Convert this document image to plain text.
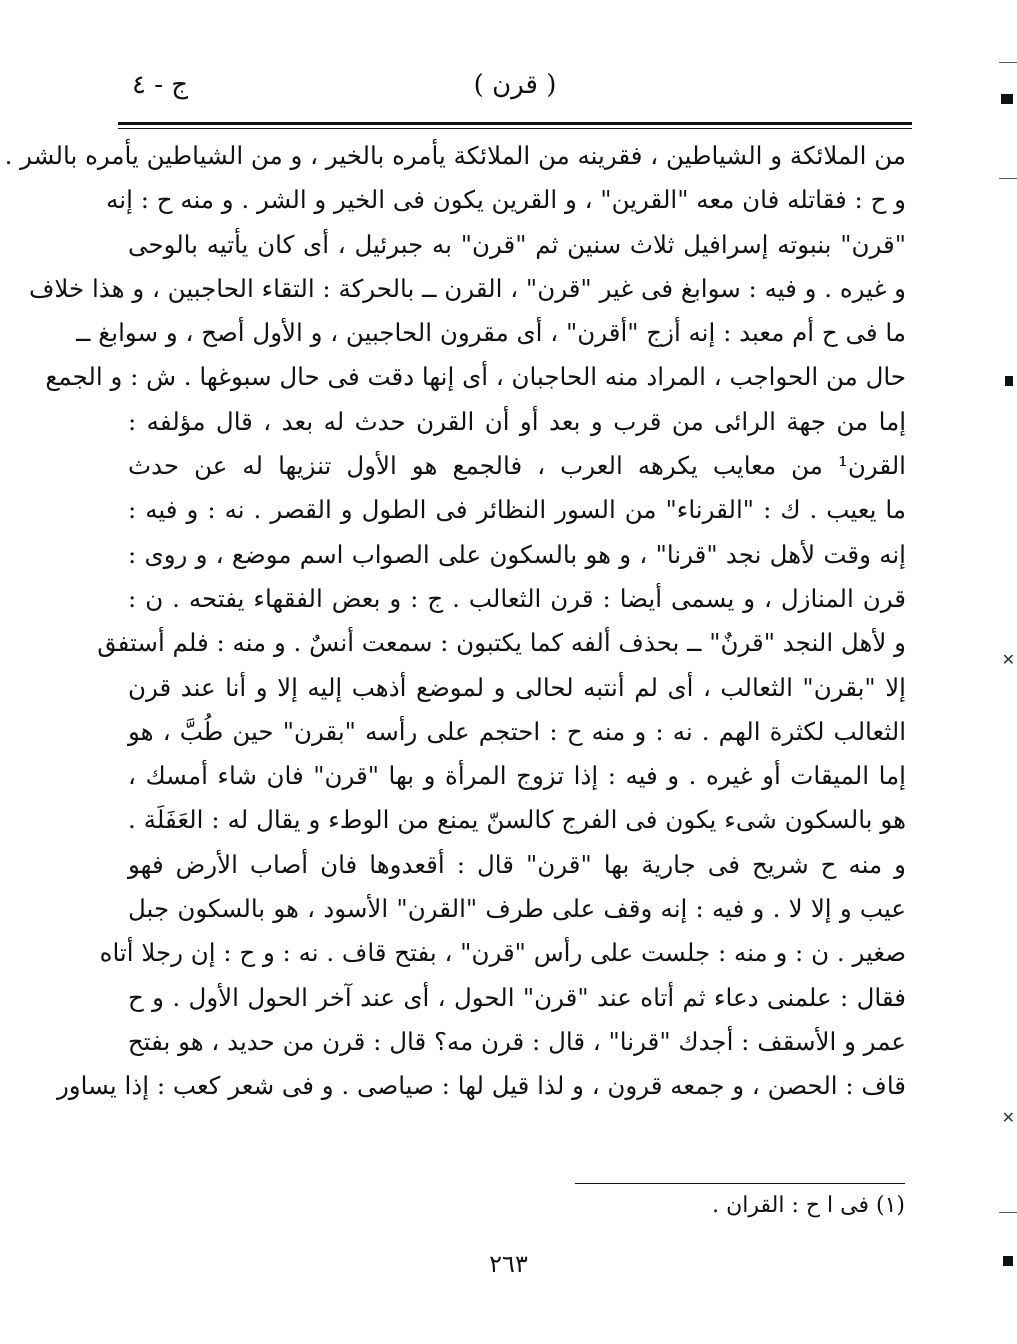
( قرن )
ج - ٤
من الملائكة و الشياطين ، فقرينه من الملائكة يأمره بالخير ، و من الشياطين يأمره بالشر .
و ح : فقاتله فان معه "القرين" ، و القرين يكون فى الخير و الشر . و منه ح : إنه
"قرن" بنبوته إسرافيل ثلاث سنين ثم "قرن" به جبرئيل ، أى كان يأتيه بالوحى
و غيره . و فيه : سوابغ فى غير "قرن" ، القرن ــ بالحركة : التقاء الحاجبين ، و هذا خلاف
ما فى ح أم معبد : إنه أزج "أقرن" ، أى مقرون الحاجبين ، و الأول أصح ، و سوابغ ــ
حال من الحواجب ، المراد منه الحاجبان ، أى إنها دقت فى حال سبوغها . ش : و الجمع
إما من جهة الرائى من قرب و بعد أو أن القرن حدث له بعد ، قال مؤلفه :
القرن¹ من معايب يكرهه العرب ، فالجمع هو الأول تنزيها له عن حدث
ما يعيب . ك : "القرناء" من السور النظائر فى الطول و القصر . نه : و فيه :
إنه وقت لأهل نجد "قرنا" ، و هو بالسكون على الصواب اسم موضع ، و روى :
قرن المنازل ، و يسمى أيضا : قرن الثعالب . ج : و بعض الفقهاء يفتحه . ن :
و لأهل النجد "قرنٌ" ــ بحذف ألفه كما يكتبون : سمعت أنسٌ . و منه : فلم أستفق
إلا "بقرن" الثعالب ، أى لم أنتبه لحالى و لموضع أذهب إليه إلا و أنا عند قرن
الثعالب لكثرة الهم . نه : و منه ح : احتجم على رأسه "بقرن" حين طُبَّ ، هو
إما الميقات أو غيره . و فيه : إذا تزوج المرأة و بها "قرن" فان شاء أمسك ،
هو بالسكون شىء يكون فى الفرج كالسنّ يمنع من الوطء و يقال له : العَفَلَة .
و منه ح شريح فى جارية بها "قرن" قال : أقعدوها فان أصاب الأرض فهو
عيب و إلا لا . و فيه : إنه وقف على طرف "القرن" الأسود ، هو بالسكون جبل
صغير . ن : و منه : جلست على رأس "قرن" ، بفتح قاف . نه : و ح : إن رجلا أتاه
فقال : علمنى دعاء ثم أتاه عند "قرن" الحول ، أى عند آخر الحول الأول . و ح
عمر و الأسقف : أجدك "قرنا" ، قال : قرن مه؟ قال : قرن من حديد ، هو بفتح
قاف : الحصن ، و جمعه قرون ، و لذا قيل لها : صياصى . و فى شعر كعب : إذا يساور
(١) فى ا ح : القران .
٢٦٣
✕
✕
